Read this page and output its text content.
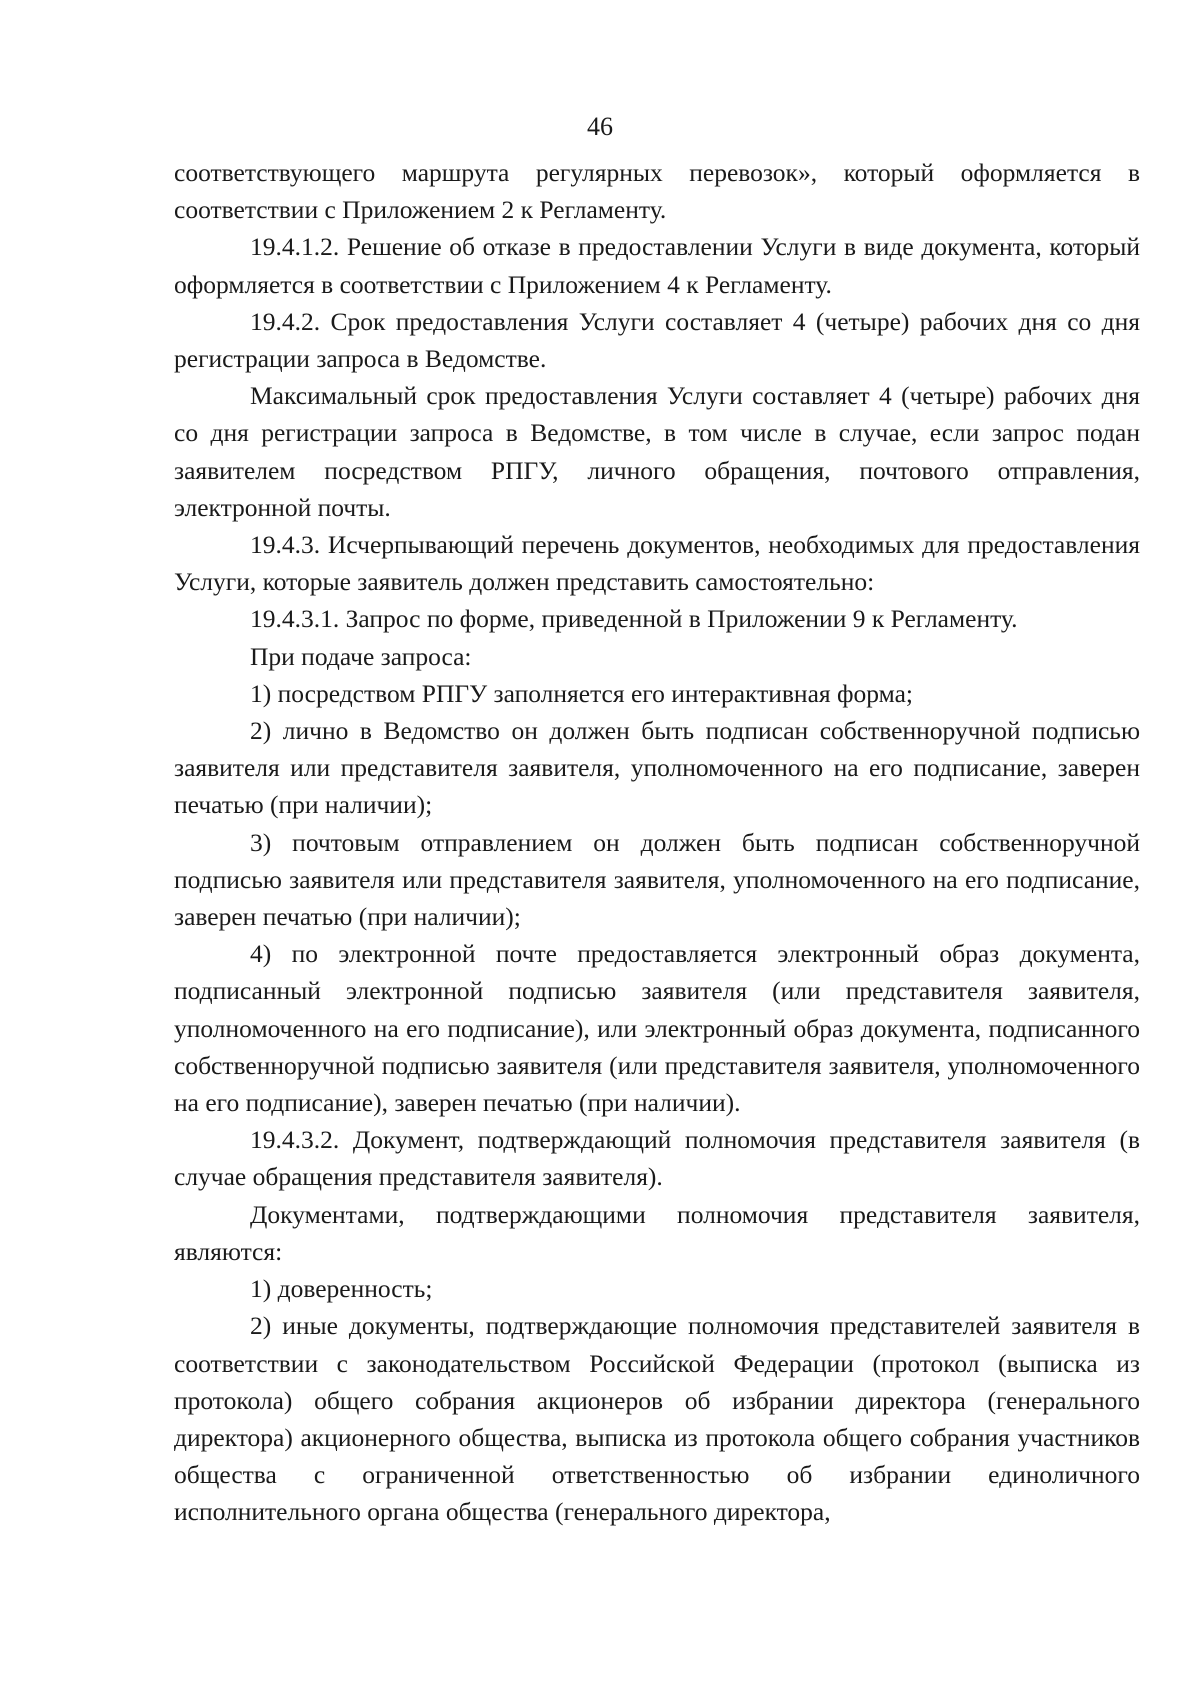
46

соответствующего маршрута регулярных перевозок», который оформляется в соответствии с Приложением 2 к Регламенту.

19.4.1.2. Решение об отказе в предоставлении Услуги в виде документа, который оформляется в соответствии с Приложением 4 к Регламенту.

19.4.2. Срок предоставления Услуги составляет 4 (четыре) рабочих дня со дня регистрации запроса в Ведомстве.

Максимальный срок предоставления Услуги составляет 4 (четыре) рабочих дня со дня регистрации запроса в Ведомстве, в том числе в случае, если запрос подан заявителем посредством РПГУ, личного обращения, почтового отправления, электронной почты.

19.4.3. Исчерпывающий перечень документов, необходимых для предоставления Услуги, которые заявитель должен представить самостоятельно:

19.4.3.1. Запрос по форме, приведенной в Приложении 9 к Регламенту.

При подаче запроса:

1) посредством РПГУ заполняется его интерактивная форма;

2) лично в Ведомство он должен быть подписан собственноручной подписью заявителя или представителя заявителя, уполномоченного на его подписание, заверен печатью (при наличии);

3) почтовым отправлением он должен быть подписан собственноручной подписью заявителя или представителя заявителя, уполномоченного на его подписание, заверен печатью (при наличии);

4) по электронной почте предоставляется электронный образ документа, подписанный электронной подписью заявителя (или представителя заявителя, уполномоченного на его подписание), или электронный образ документа, подписанного собственноручной подписью заявителя (или представителя заявителя, уполномоченного на его подписание), заверен печатью (при наличии).

19.4.3.2. Документ, подтверждающий полномочия представителя заявителя (в случае обращения представителя заявителя).

Документами, подтверждающими полномочия представителя заявителя, являются:

1) доверенность;

2) иные документы, подтверждающие полномочия представителей заявителя в соответствии с законодательством Российской Федерации (протокол (выписка из протокола) общего собрания акционеров об избрании директора (генерального директора) акционерного общества, выписка из протокола общего собрания участников общества с ограниченной ответственностью об избрании единоличного исполнительного органа общества (генерального директора,
